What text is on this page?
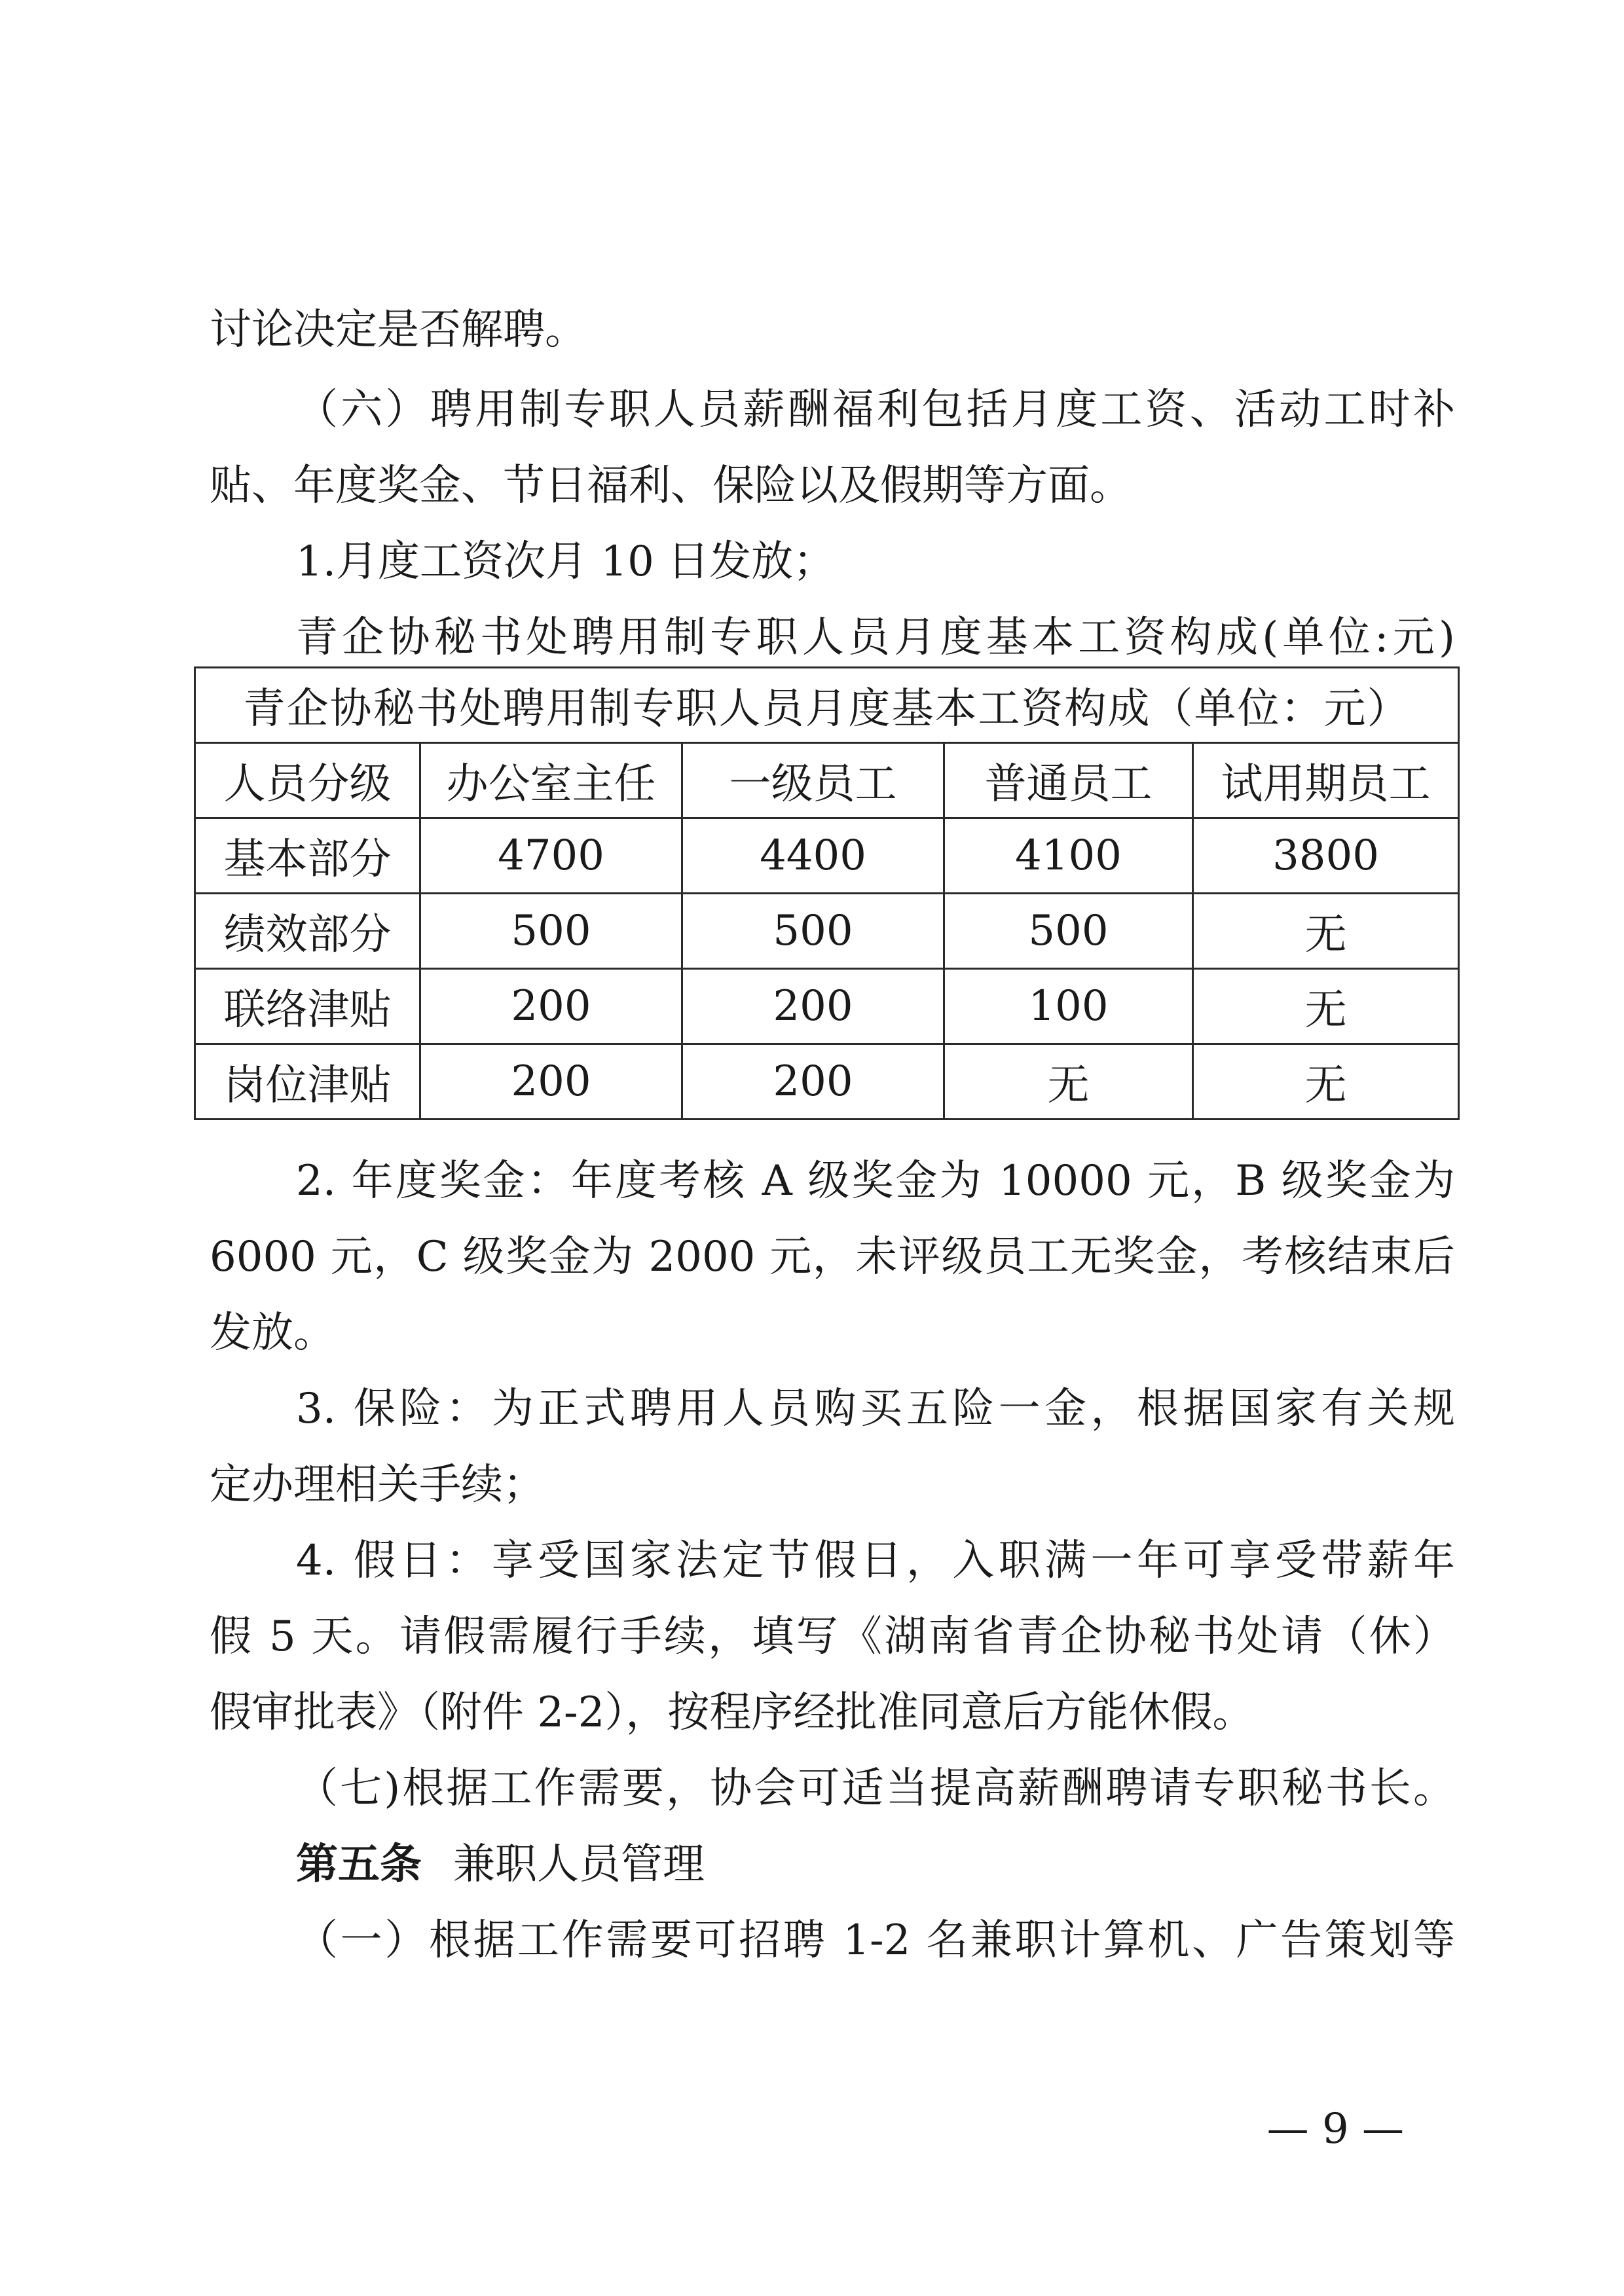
讨论决定是否解聘。
（六）聘用制专职人员薪酬福利包括月度工资、活动工时补
贴、年度奖金、节日福利、保险以及假期等方面。
1.月度工资次月 10 日发放；
青企协秘书处聘用制专职人员月度基本工资构成(单位:元)
青企协秘书处聘用制专职人员月度基本工资构成（单位：元）				
人员分级	办公室主任	一级员工	普通员工	试用期员工
基本部分	4700	4400	4100	3800
绩效部分	500	500	500	无
联络津贴	200	200	100	无
岗位津贴	200	200	无	无
2. 年度奖金：年度考核 A 级奖金为 10000 元，B 级奖金为
6000 元，C 级奖金为 2000 元，未评级员工无奖金，考核结束后
发放。
3. 保险：为正式聘用人员购买五险一金，根据国家有关规
定办理相关手续；
4. 假日：享受国家法定节假日，入职满一年可享受带薪年
假 5 天。请假需履行手续，填写《湖南省青企协秘书处请（休）
假审批表》（附件 2-2），按程序经批准同意后方能休假。
（七)根据工作需要，协会可适当提高薪酬聘请专职秘书长。
第五条 兼职人员管理
（一）根据工作需要可招聘 1-2 名兼职计算机、广告策划等
— 9 —
